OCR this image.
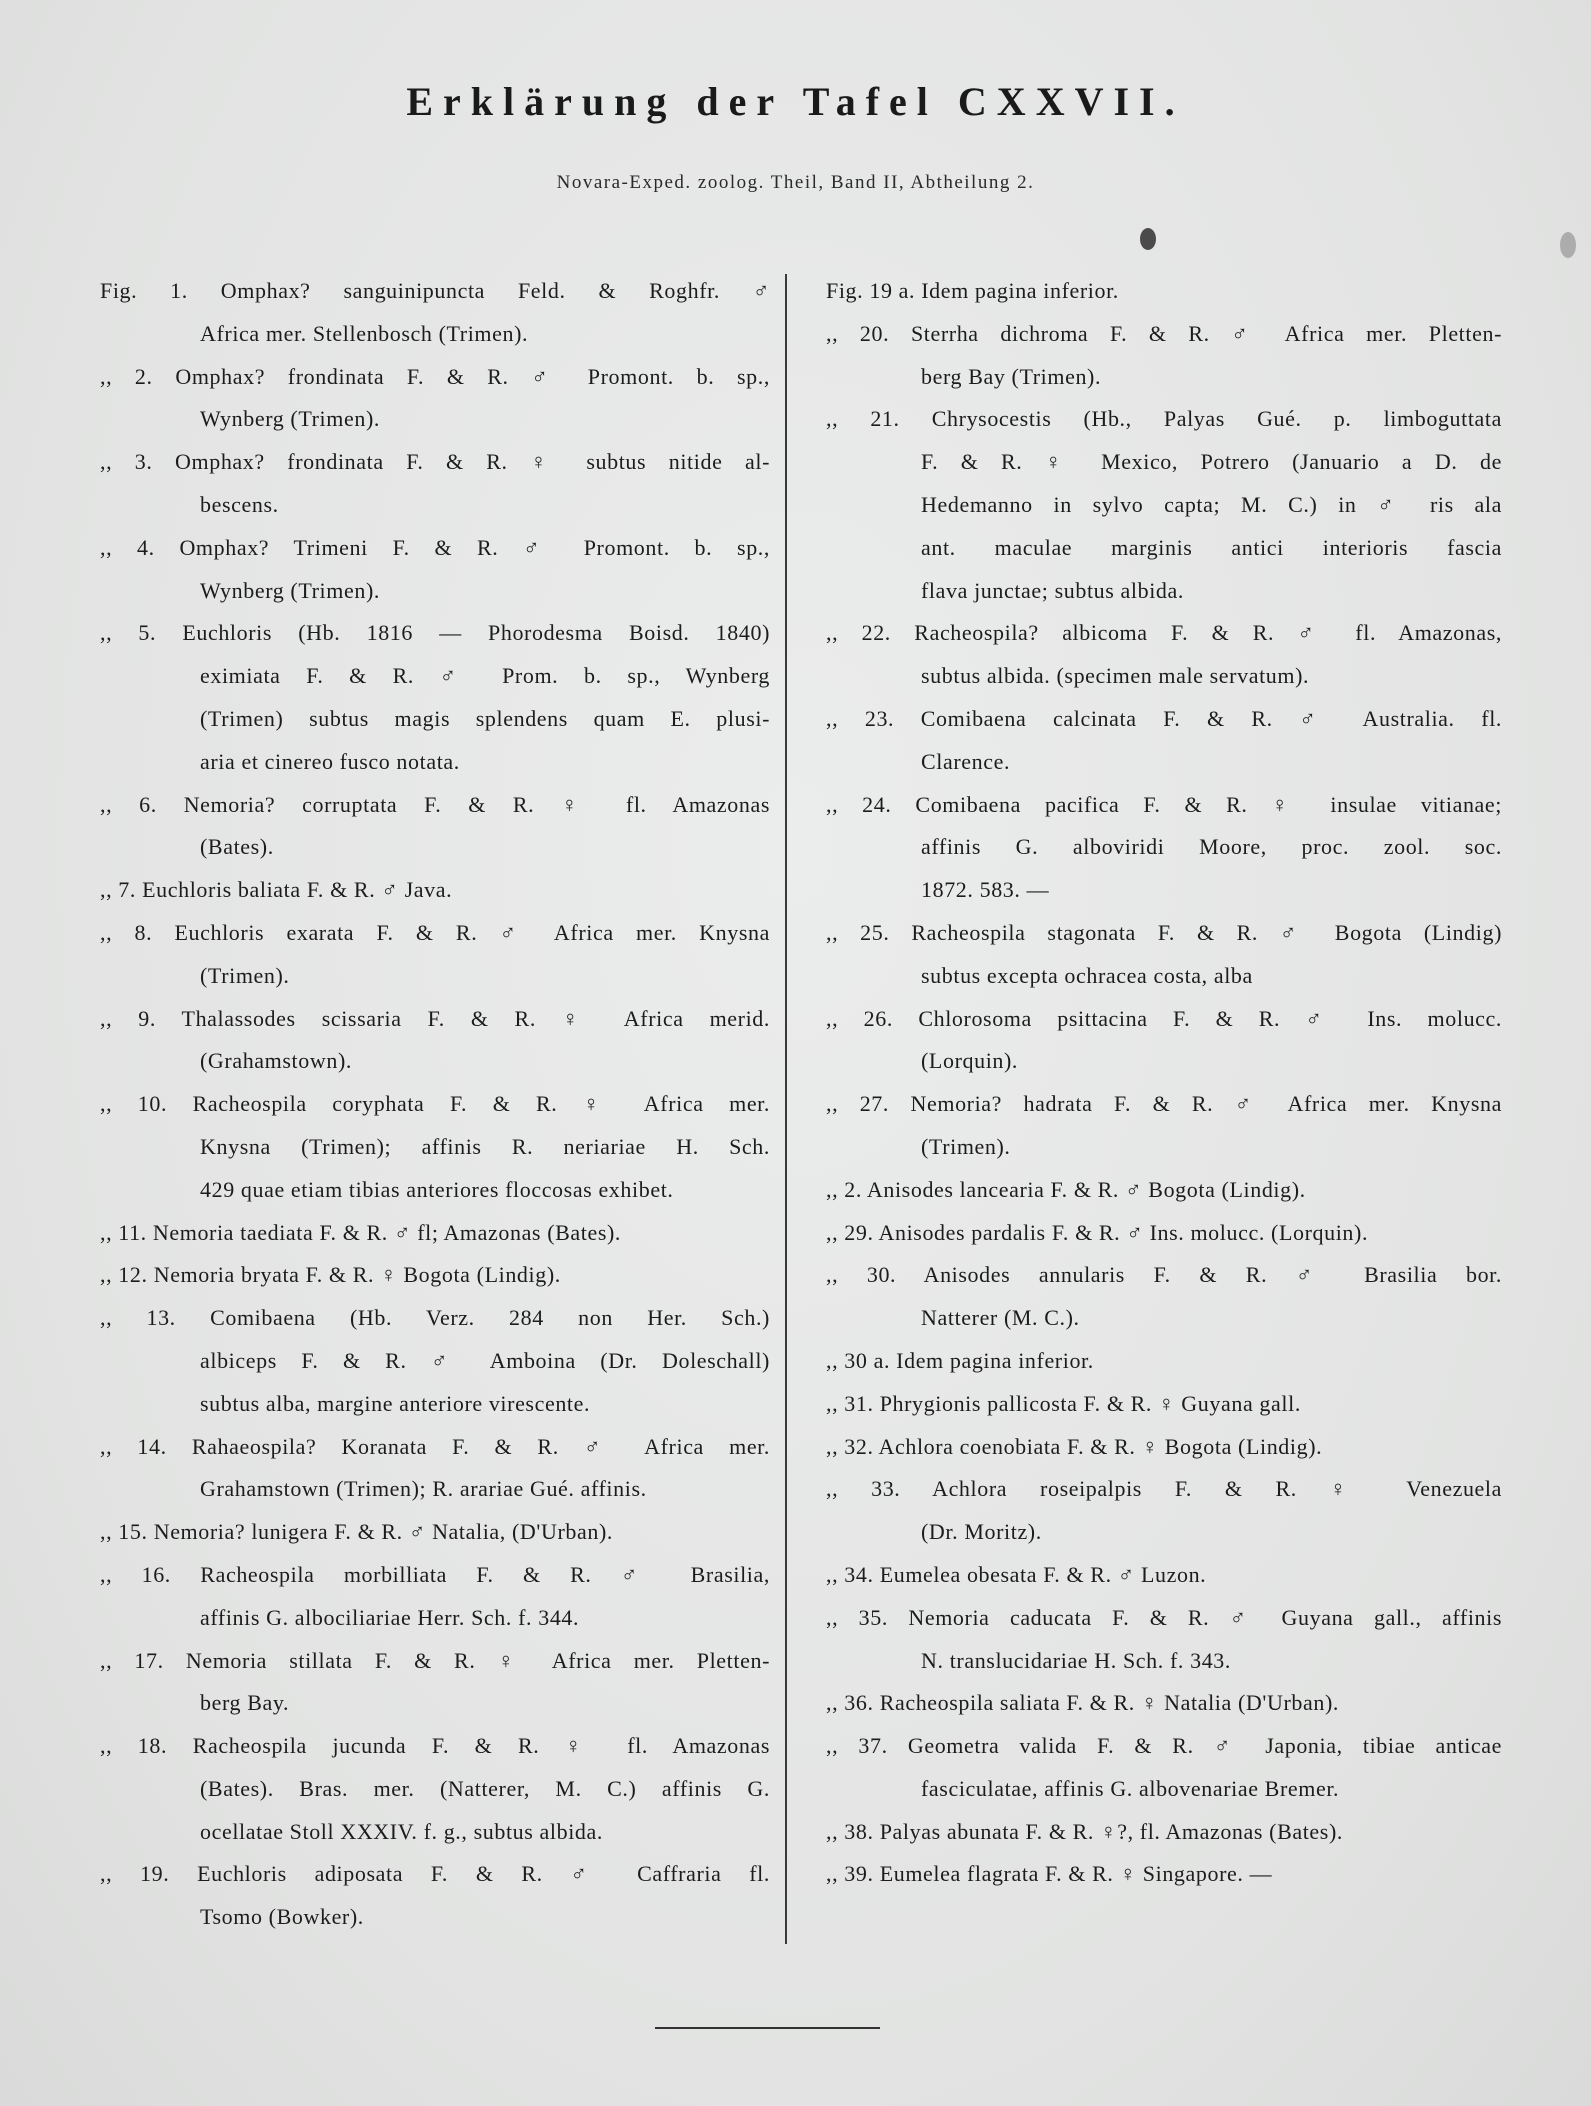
Erklärung der Tafel CXXVII.
Novara-Exped. zoolog. Theil, Band II, Abtheilung 2.
Fig. 1. Omphax? sanguinipuncta Feld. & Roghfr. ♂
Africa mer. Stellenbosch (Trimen).
,, 2. Omphax? frondinata F. & R. ♂ Promont. b. sp.,
Wynberg (Trimen).
,, 3. Omphax? frondinata F. & R. ♀ subtus nitide al-
bescens.
,, 4. Omphax? Trimeni F. & R. ♂ Promont. b. sp.,
Wynberg (Trimen).
,, 5. Euchloris (Hb. 1816 — Phorodesma Boisd. 1840)
eximiata F. & R. ♂ Prom. b. sp., Wynberg
(Trimen) subtus magis splendens quam E. plusi-
aria et cinereo fusco notata.
,, 6. Nemoria? corruptata F. & R. ♀ fl. Amazonas
(Bates).
,, 7. Euchloris baliata F. & R. ♂ Java.
,, 8. Euchloris exarata F. & R. ♂ Africa mer. Knysna
(Trimen).
,, 9. Thalassodes scissaria F. & R. ♀ Africa merid.
(Grahamstown).
,, 10. Racheospila coryphata F. & R. ♀ Africa mer.
Knysna (Trimen); affinis R. neriariae H. Sch.
429 quae etiam tibias anteriores floccosas exhibet.
,, 11. Nemoria taediata F. & R. ♂ fl; Amazonas (Bates).
,, 12. Nemoria bryata F. & R. ♀ Bogota (Lindig).
,, 13. Comibaena (Hb. Verz. 284 non Her. Sch.)
albiceps F. & R. ♂ Amboina (Dr. Doleschall)
subtus alba, margine anteriore virescente.
,, 14. Rahaeospila? Koranata F. & R. ♂ Africa mer.
Grahamstown (Trimen); R. arariae Gué. affinis.
,, 15. Nemoria? lunigera F. & R. ♂ Natalia, (D'Urban).
,, 16. Racheospila morbilliata F. & R. ♂ Brasilia,
affinis G. albociliariae Herr. Sch. f. 344.
,, 17. Nemoria stillata F. & R. ♀ Africa mer. Pletten-
berg Bay.
,, 18. Racheospila jucunda F. & R. ♀ fl. Amazonas
(Bates). Bras. mer. (Natterer, M. C.) affinis G.
ocellatae Stoll XXXIV. f. g., subtus albida.
,, 19. Euchloris adiposata F. & R. ♂ Caffraria fl.
Tsomo (Bowker).
Fig. 19 a. Idem pagina inferior.
,, 20. Sterrha dichroma F. & R. ♂ Africa mer. Pletten-
berg Bay (Trimen).
,, 21. Chrysocestis (Hb., Palyas Gué. p. limboguttata
F. & R. ♀ Mexico, Potrero (Januario a D. de
Hedemanno in sylvo capta; M. C.) in ♂ ris ala
ant. maculae marginis antici interioris fascia
flava junctae; subtus albida.
,, 22. Racheospila? albicoma F. & R. ♂ fl. Amazonas,
subtus albida. (specimen male servatum).
,, 23. Comibaena calcinata F. & R. ♂ Australia. fl.
Clarence.
,, 24. Comibaena pacifica F. & R. ♀ insulae vitianae;
affinis G. alboviridi Moore, proc. zool. soc.
1872. 583. —
,, 25. Racheospila stagonata F. & R. ♂ Bogota (Lindig)
subtus excepta ochracea costa, alba
,, 26. Chlorosoma psittacina F. & R. ♂ Ins. molucc.
(Lorquin).
,, 27. Nemoria? hadrata F. & R. ♂ Africa mer. Knysna
(Trimen).
,, 2. Anisodes lancearia F. & R. ♂ Bogota (Lindig).
,, 29. Anisodes pardalis F. & R. ♂ Ins. molucc. (Lorquin).
,, 30. Anisodes annularis F. & R. ♂ Brasilia bor.
Natterer (M. C.).
,, 30 a. Idem pagina inferior.
,, 31. Phrygionis pallicosta F. & R. ♀ Guyana gall.
,, 32. Achlora coenobiata F. & R. ♀ Bogota (Lindig).
,, 33. Achlora roseipalpis F. & R. ♀ Venezuela
(Dr. Moritz).
,, 34. Eumelea obesata F. & R. ♂ Luzon.
,, 35. Nemoria caducata F. & R. ♂ Guyana gall., affinis
N. translucidariae H. Sch. f. 343.
,, 36. Racheospila saliata F. & R. ♀ Natalia (D'Urban).
,, 37. Geometra valida F. & R. ♂ Japonia, tibiae anticae
fasciculatae, affinis G. albovenariae Bremer.
,, 38. Palyas abunata F. & R. ♀?, fl. Amazonas (Bates).
,, 39. Eumelea flagrata F. & R. ♀ Singapore. —
